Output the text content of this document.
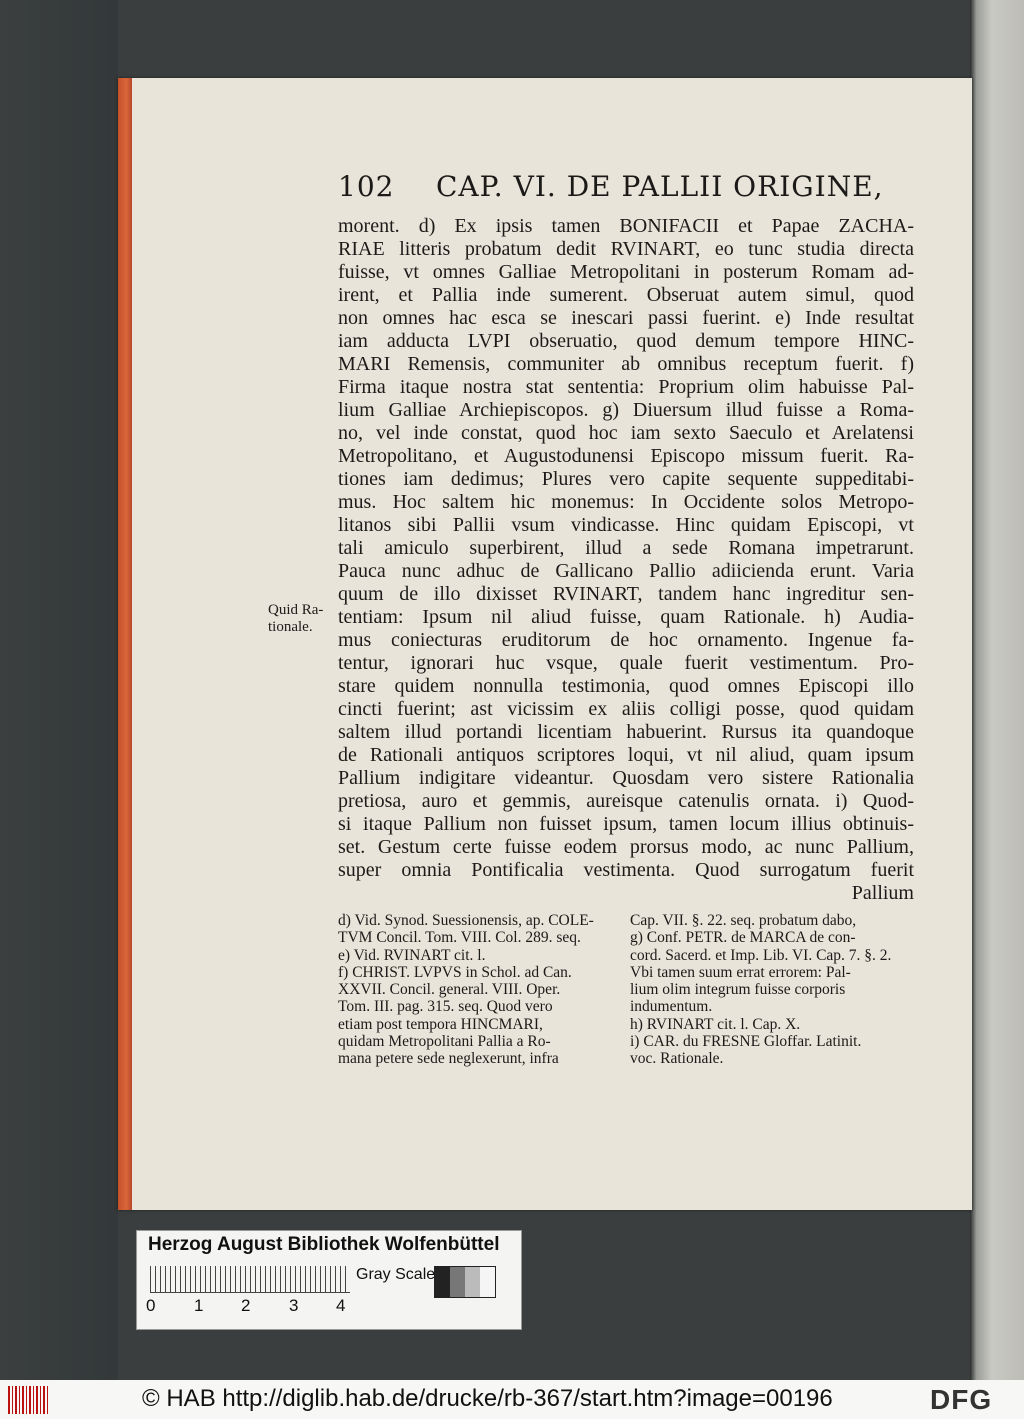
102 CAP. VI. DE PALLII ORIGINE,
Quid Ra-
tionale.
morent. d) Ex ipsis tamen BONIFACII et Papae ZACHA-
RIAE litteris probatum dedit RVINART, eo tunc studia directa
fuisse, vt omnes Galliae Metropolitani in posterum Romam ad-
irent, et Pallia inde sumerent. Obseruat autem simul, quod
non omnes hac esca se inescari passi fuerint. e) Inde resultat
iam adducta LVPI obseruatio, quod demum tempore HINC-
MARI Remensis, communiter ab omnibus receptum fuerit. f)
Firma itaque nostra stat sententia: Proprium olim habuisse Pal-
lium Galliae Archiepiscopos. g) Diuersum illud fuisse a Roma-
no, vel inde constat, quod hoc iam sexto Saeculo et Arelatensi
Metropolitano, et Augustodunensi Episcopo missum fuerit. Ra-
tiones iam dedimus; Plures vero capite sequente suppeditabi-
mus. Hoc saltem hic monemus: In Occidente solos Metropo-
litanos sibi Pallii vsum vindicasse. Hinc quidam Episcopi, vt
tali amiculo superbirent, illud a sede Romana impetrarunt.
Pauca nunc adhuc de Gallicano Pallio adiicienda erunt. Varia
quum de illo dixisset RVINART, tandem hanc ingreditur sen-
tentiam: Ipsum nil aliud fuisse, quam Rationale. h) Audia-
mus coniecturas eruditorum de hoc ornamento. Ingenue fa-
tentur, ignorari huc vsque, quale fuerit vestimentum. Pro-
stare quidem nonnulla testimonia, quod omnes Episcopi illo
cincti fuerint; ast vicissim ex aliis colligi posse, quod quidam
saltem illud portandi licentiam habuerint. Rursus ita quandoque
de Rationali antiquos scriptores loqui, vt nil aliud, quam ipsum
Pallium indigitare videantur. Quosdam vero sistere Rationalia
pretiosa, auro et gemmis, aureisque catenulis ornata. i) Quod-
si itaque Pallium non fuisset ipsum, tamen locum illius obtinuis-
set. Gestum certe fuisse eodem prorsus modo, ac nunc Pallium,
super omnia Pontificalia vestimenta. Quod surrogatum fuerit
Pallium
d) Vid. Synod. Suessionensis, ap. COLE-
TVM Concil. Tom. VIII. Col. 289. seq.
e) Vid. RVINART cit. l.
f) CHRIST. LVPVS in Schol. ad Can.
XXVII. Concil. general. VIII. Oper.
Tom. III. pag. 315. seq. Quod vero
etiam post tempora HINCMARI,
quidam Metropolitani Pallia a Ro-
mana petere sede neglexerunt, infra
Cap. VII. §. 22. seq. probatum dabo,
g) Conf. PETR. de MARCA de con-
cord. Sacerd. et Imp. Lib. VI. Cap. 7. §. 2.
Vbi tamen suum errat errorem: Pal-
lium olim integrum fuisse corporis
indumentum.
h) RVINART cit. l. Cap. X.
i) CAR. du FRESNE Gloffar. Latinit.
voc. Rationale.
Herzog August Bibliothek Wolfenbüttel
0 1 2 3 4
Gray Scale
© HAB http://diglib.hab.de/drucke/rb-367/start.htm?image=00196	DFG
